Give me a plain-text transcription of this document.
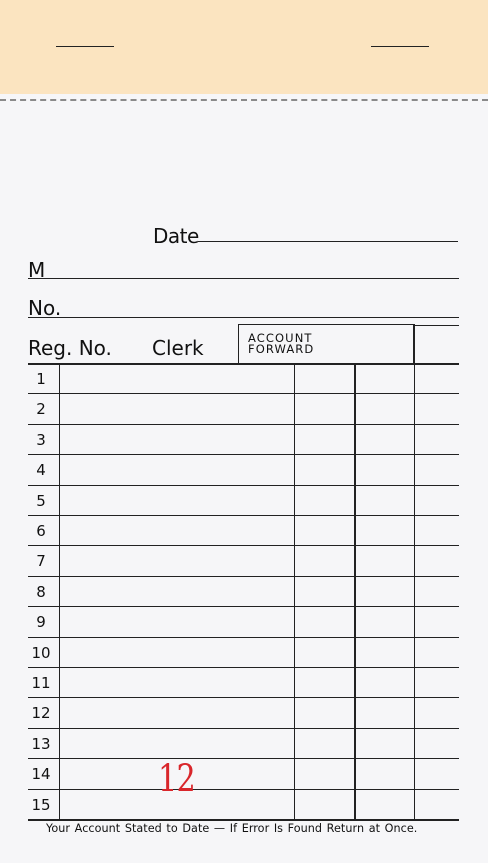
Date
M
No.
Reg. No. Clerk	ACCOUNT
FORWARD
1
2
3
4
5
6
7
8
9
10
11
12
13
14
15
12
Your Account Stated to Date — If Error Is Found Return at Once.
